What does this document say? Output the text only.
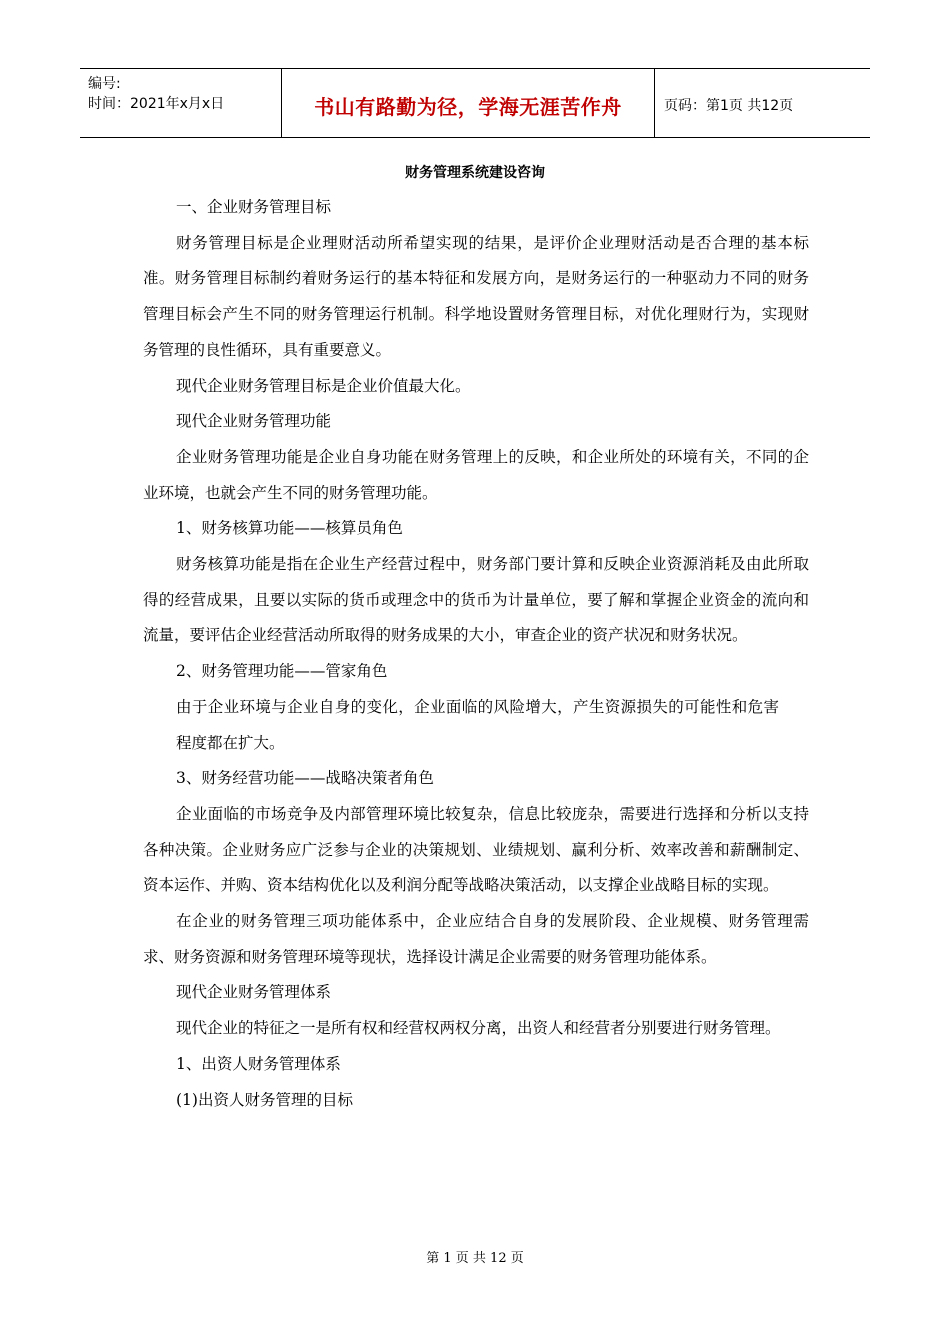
编号:
时间：2021年x月x日	书山有路勤为径，学海无涯苦作舟	页码：第1页 共12页
财务管理系统建设咨询

一、企业财务管理目标

财务管理目标是企业理财活动所希望实现的结果，是评价企业理财活动是否合理的基本标准。财务管理目标制约着财务运行的基本特征和发展方向，是财务运行的一种驱动力不同的财务管理目标会产生不同的财务管理运行机制。科学地设置财务管理目标，对优化理财行为，实现财务管理的良性循环，具有重要意义。

现代企业财务管理目标是企业价值最大化。

现代企业财务管理功能

企业财务管理功能是企业自身功能在财务管理上的反映，和企业所处的环境有关，不同的企业环境，也就会产生不同的财务管理功能。

1、财务核算功能——核算员角色

财务核算功能是指在企业生产经营过程中，财务部门要计算和反映企业资源消耗及由此所取得的经营成果，且要以实际的货币或理念中的货币为计量单位，要了解和掌握企业资金的流向和流量，要评估企业经营活动所取得的财务成果的大小，审查企业的资产状况和财务状况。

2、财务管理功能——管家角色

由于企业环境与企业自身的变化，企业面临的风险增大，产生资源损失的可能性和危害程度都在扩大。

3、财务经营功能——战略决策者角色

企业面临的市场竞争及内部管理环境比较复杂，信息比较庞杂，需要进行选择和分析以支持各种决策。企业财务应广泛参与企业的决策规划、业绩规划、赢利分析、效率改善和薪酬制定、资本运作、并购、资本结构优化以及利润分配等战略决策活动，以支撑企业战略目标的实现。

在企业的财务管理三项功能体系中，企业应结合自身的发展阶段、企业规模、财务管理需求、财务资源和财务管理环境等现状，选择设计满足企业需要的财务管理功能体系。

现代企业财务管理体系

现代企业的特征之一是所有权和经营权两权分离，出资人和经营者分别要进行财务管理。

1、出资人财务管理体系

(1)出资人财务管理的目标

第 1 页 共 12 页
